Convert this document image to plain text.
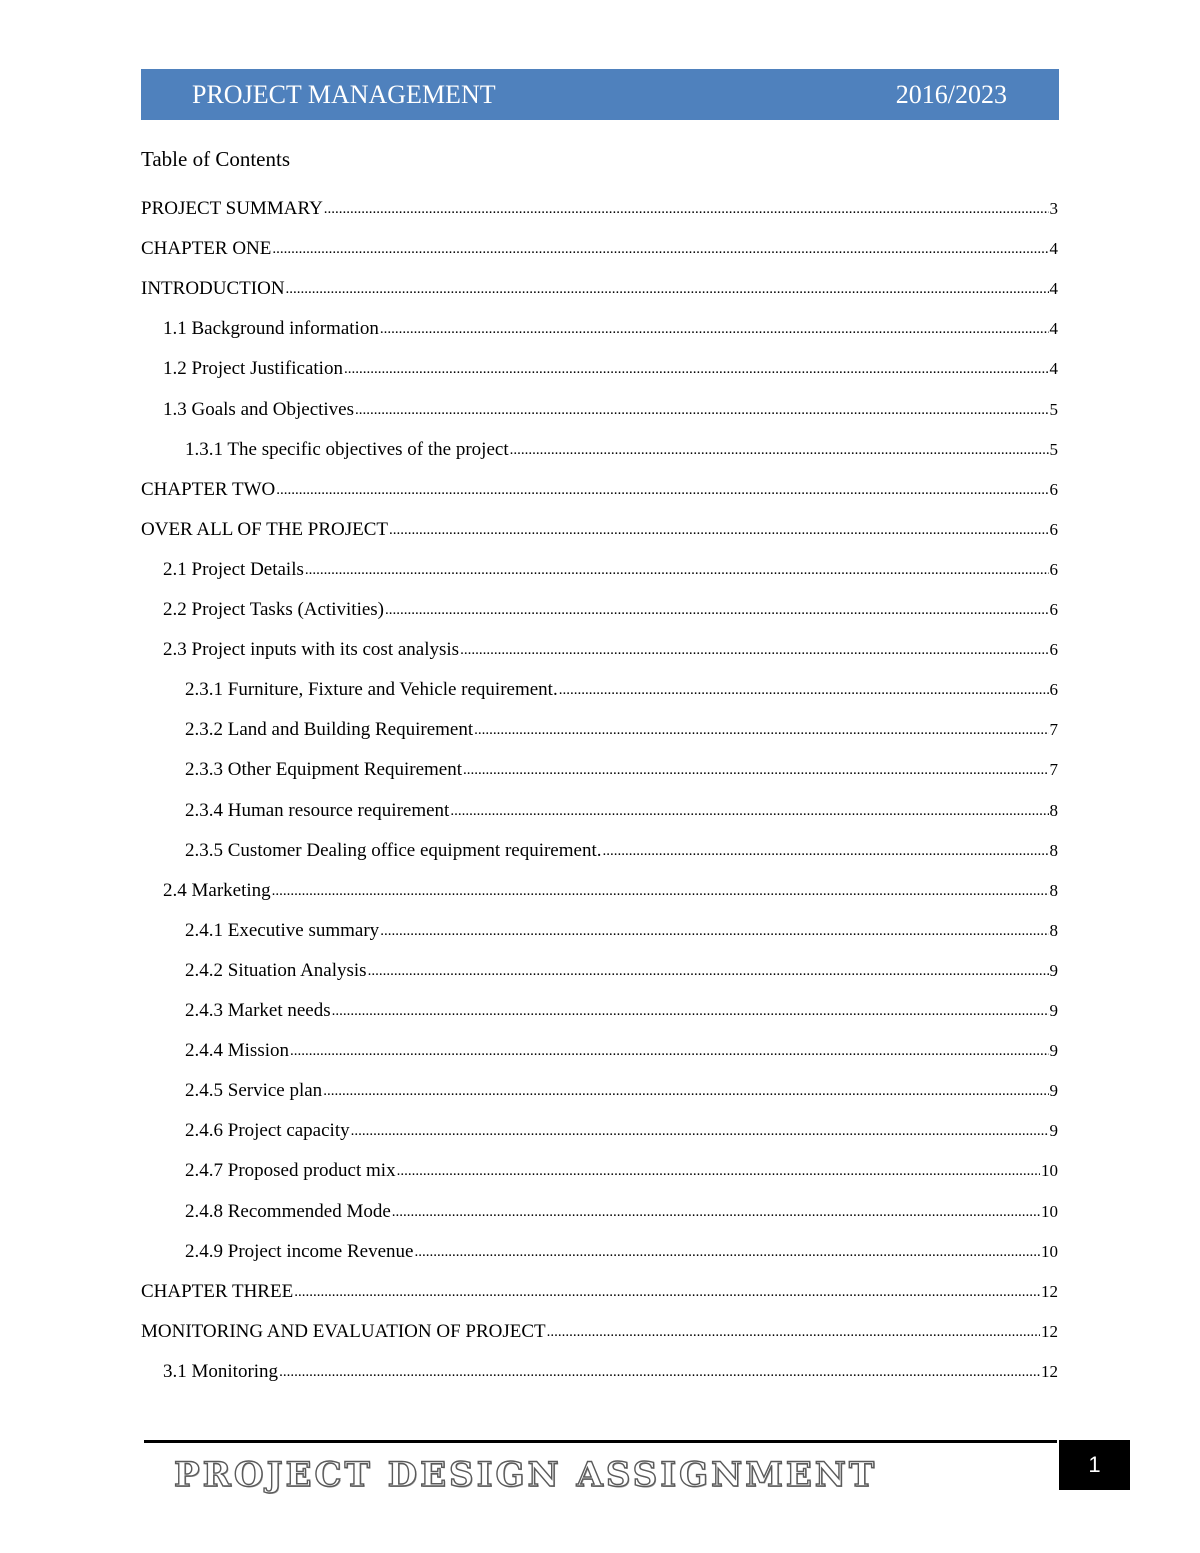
PROJECT MANAGEMENT	2016/2023
Table of Contents
PROJECT SUMMARY .....	3
CHAPTER ONE .....	4
INTRODUCTION .....	4
1.1 Background information .....	4
1.2 Project Justification .....	4
1.3 Goals and Objectives .....	5
1.3.1 The specific objectives of the project .....	5
CHAPTER TWO .....	6
OVER ALL OF THE PROJECT .....	6
2.1 Project Details .....	6
2.2 Project Tasks (Activities) .....	6
2.3 Project inputs with its cost analysis .....	6
2.3.1 Furniture, Fixture and Vehicle requirement. .....	6
2.3.2 Land and Building Requirement .....	7
2.3.3 Other Equipment Requirement .....	7
2.3.4 Human resource requirement .....	8
2.3.5 Customer Dealing office equipment requirement. .....	8
2.4 Marketing .....	8
2.4.1 Executive summary .....	8
2.4.2 Situation Analysis .....	9
2.4.3 Market needs .....	9
2.4.4 Mission .....	9
2.4.5 Service plan .....	9
2.4.6 Project capacity .....	9
2.4.7 Proposed product mix .....	10
2.4.8 Recommended Mode .....	10
2.4.9 Project income Revenue .....	10
CHAPTER THREE .....	12
MONITORING AND EVALUATION OF PROJECT .....	12
3.1 Monitoring .....	12
PROJECT DESIGN ASSIGNMENT	1
